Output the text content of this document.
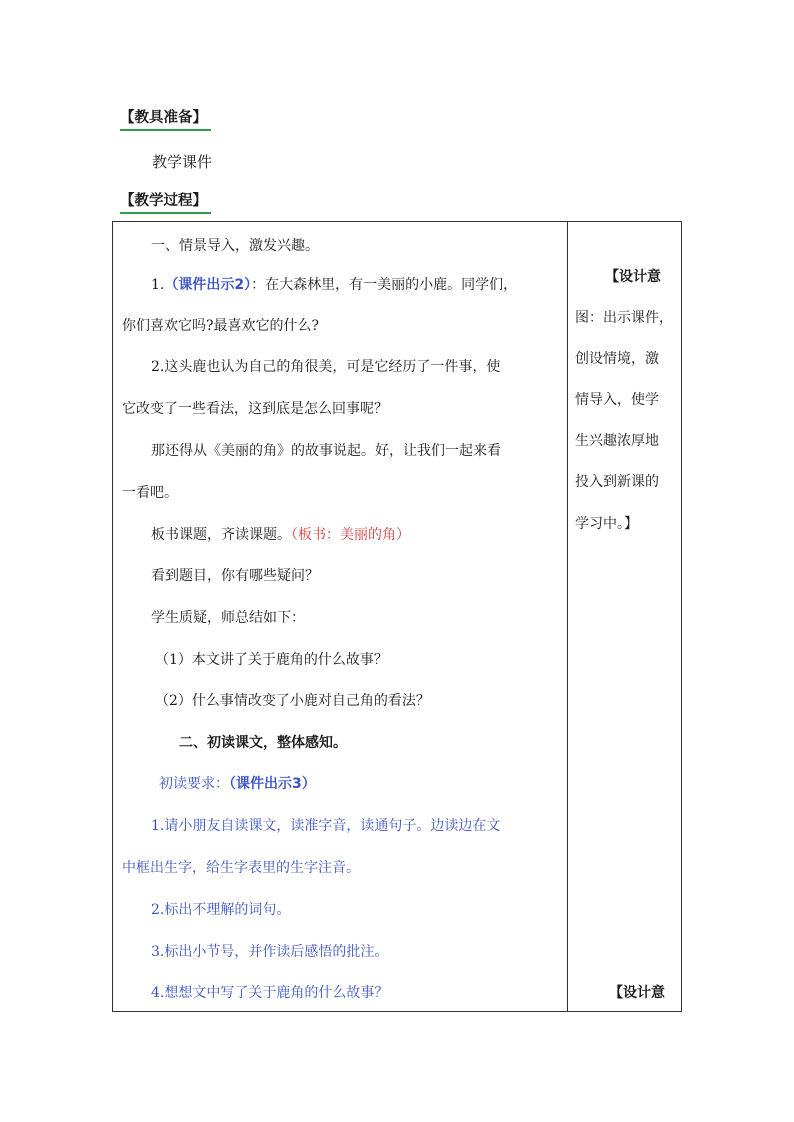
【教具准备】
教学课件
【教学过程】
一、情景导入，激发兴趣。
1.（课件出示2）：在大森林里，有一美丽的小鹿。同学们，
你们喜欢它吗?最喜欢它的什么?
2.这头鹿也认为自己的角很美，可是它经历了一件事，使
它改变了一些看法，这到底是怎么回事呢？
那还得从《美丽的角》的故事说起。好，让我们一起来看
一看吧。
板书课题，齐读课题。（板书：美丽的角）
看到题目，你有哪些疑问？
学生质疑，师总结如下：
（1）本文讲了关于鹿角的什么故事？
（2）什么事情改变了小鹿对自己角的看法？
二、初读课文，整体感知。
初读要求：（课件出示3）
1.请小朋友自读课文，读准字音，读通句子。边读边在文
中框出生字，给生字表里的生字注音。
2.标出不理解的词句。
3.标出小节号，并作读后感悟的批注。
4.想想文中写了关于鹿角的什么故事？
【设计意
图：出示课件，
创设情境，激
情导入，使学
生兴趣浓厚地
投入到新课的
学习中。】
【设计意
